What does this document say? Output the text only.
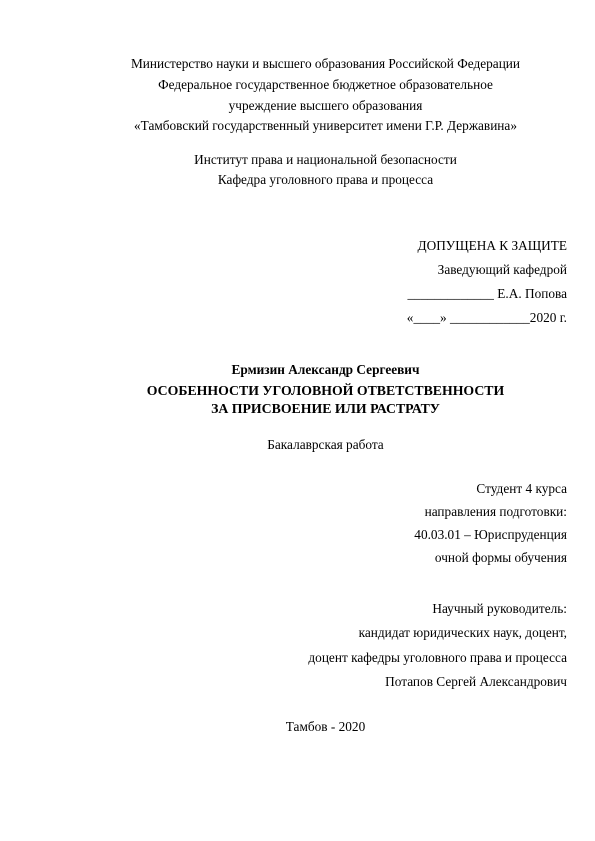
Министерство науки и высшего образования Российской Федерации
Федеральное государственное бюджетное образовательное
учреждение высшего образования
«Тамбовский государственный университет имени Г.Р. Державина»
Институт права и национальной безопасности
Кафедра уголовного права и процесса
ДОПУЩЕНА К ЗАЩИТЕ
Заведующий кафедрой
_____________ Е.А. Попова
«____» ____________2020 г.
Ермизин Александр Сергеевич
ОСОБЕННОСТИ УГОЛОВНОЙ ОТВЕТСТВЕННОСТИ
ЗА ПРИСВОЕНИЕ ИЛИ РАСТРАТУ
Бакалаврская работа
Студент 4 курса
направления подготовки:
40.03.01 – Юриспруденция
очной формы обучения
Научный руководитель:
кандидат юридических наук, доцент,
доцент кафедры уголовного права и процесса
Потапов Сергей Александрович
Тамбов - 2020
